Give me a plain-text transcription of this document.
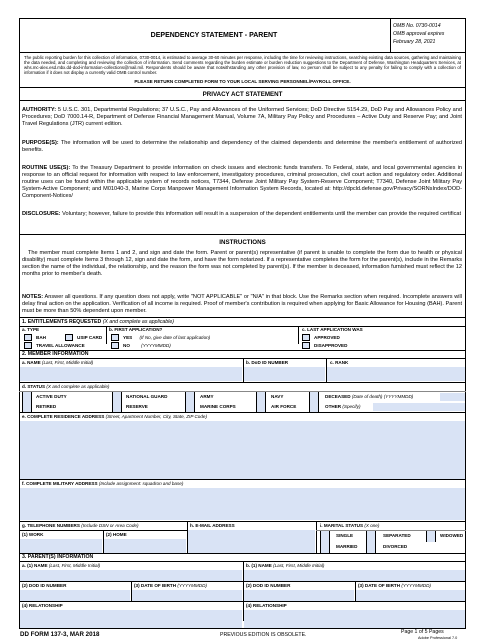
DEPENDENCY STATEMENT - PARENT
OMB No. 0730-0014
OMB approval expires
February 28, 2021
The public reporting burden for this collection of information, 0730-0014, is estimated to average 30-60 minutes per response, including the time for reviewing instructions, searching existing data sources, gathering and maintaining the data needed, and completing and reviewing the collection of information. Send comments regarding the burden estimate or burden reduction suggestions to the Department of Defense, Washington Headquarters Services, at whs.mc-alex.esd.mbx.dd-dod-information-collections@mail.mil. Respondents should be aware that notwithstanding any other provision of law, no person shall be subject to any penalty for failing to comply with a collection of information if it does not display a currently valid OMB control number.
PLEASE RETURN COMPLETED FORM TO YOUR LOCAL SERVING PERSONNEL/PAYROLL OFFICE.
PRIVACY ACT STATEMENT
AUTHORITY: 5 U.S.C. 301, Departmental Regulations; 37 U.S.C., Pay and Allowances of the Uniformed Services; DoD Directive 5154.29, DoD Pay and Allowances Policy and Procedures; DoD 7000.14-R, Department of Defense Financial Management Manual, Volume 7A, Military Pay Policy and Procedures – Active Duty and Reserve Pay; and Joint Travel Regulations (JTR) current edition.
PURPOSE(S): The information will be used to determine the relationship and dependency of the claimed dependents and determine the member's entitlement of authorized benefits.
ROUTINE USE(S): To the Treasury Department to provide information on check issues and electronic funds transfers. To Federal, state, and local governmental agencies in response to an official request for information with respect to law enforcement, investigatory procedures, criminal prosecution, civil court action and regulatory order. Additional routine uses can be found within the applicable system of records notices, T7344, Defense Joint Military Pay System-Reserve Component; T7340, Defense Joint Military Pay System-Active Component; and M01040-3, Marine Corps Manpower Management Information System Records, located at: http://dpcld.defense.gov/Privacy/SORNsIndex/DOD-Component-Notices/
DISCLOSURE: Voluntary; however, failure to provide this information will result in a suspension of the dependent entitlements until the member can provide the required certificat
INSTRUCTIONS
The member must complete Items 1 and 2, and sign and date the form. Parent or parent(s) representative (if parent is unable to complete the form due to health or physical disability) must complete Items 3 through 12, sign and date the form, and have the form notarized. If a representative completes the form for the parent(s), include in the Remarks section the name of the individual, the relationship, and the reason the form was not completed by parent(s). If the member is deceased, information furnished must reflect the 12 months prior to member's death.
NOTES: Answer all questions. If any question does not apply, write "NOT APPLICABLE" or "N/A" in that block. Use the Remarks section when required. Incomplete answers will delay final action on the application. Verification of all income is required. Proof of member's contribution is required when applying for Basic Allowance for Housing (BAH). Parent must be more than 50% dependent upon member.
1. ENTITLEMENTS REQUESTED (X and complete as applicable)
a. TYPE	b. FIRST APPLICATION?	c. LAST APPLICATION WAS
BAH	USIP CARD
TRAVEL ALLOWANCE
YES (If No, give date of last application)
NO (YYYYMMDD)
APPROVED
DISAPPROVED
2. MEMBER INFORMATION
a. NAME (Last, First, Middle Initial)	b. DoD ID NUMBER	c. RANK
d. STATUS (X and complete as applicable)
ACTIVE DUTY
RETIRED
NATIONAL GUARD
RESERVE
ARMY
MARINE CORPS
NAVY
AIR FORCE
DECEASED (Date of death) (YYYYMMDD)
OTHER (Specify)
e. COMPLETE RESIDENCE ADDRESS (Street, Apartment Number, City, State, ZIP Code)
f. COMPLETE MILITARY ADDRESS (Include assignment: squadron and base)
g. TELEPHONE NUMBERS (Include DSN or Area Code)
(1) WORK	(2) HOME
h. E-MAIL ADDRESS	i. MARITAL STATUS (X one)
SINGLE
MARRIED
SEPARATED
DIVORCED
WIDOWED
3. PARENT(S) INFORMATION
a. (1) NAME (Last, First, Middle Initial)	b. (1) NAME (Last, First, Middle Initial)
(2) DOD ID NUMBER	(3) DATE OF BIRTH (YYYYMMDD)	(2) DOD ID NUMBER	(3) DATE OF BIRTH (YYYYMMDD)
(4) RELATIONSHIP	(4) RELATIONSHIP
DD FORM 137-3, MAR 2018	PREVIOUS EDITION IS OBSOLETE.	Page 1 of 5 Pages
Adobe Professional 7.0
